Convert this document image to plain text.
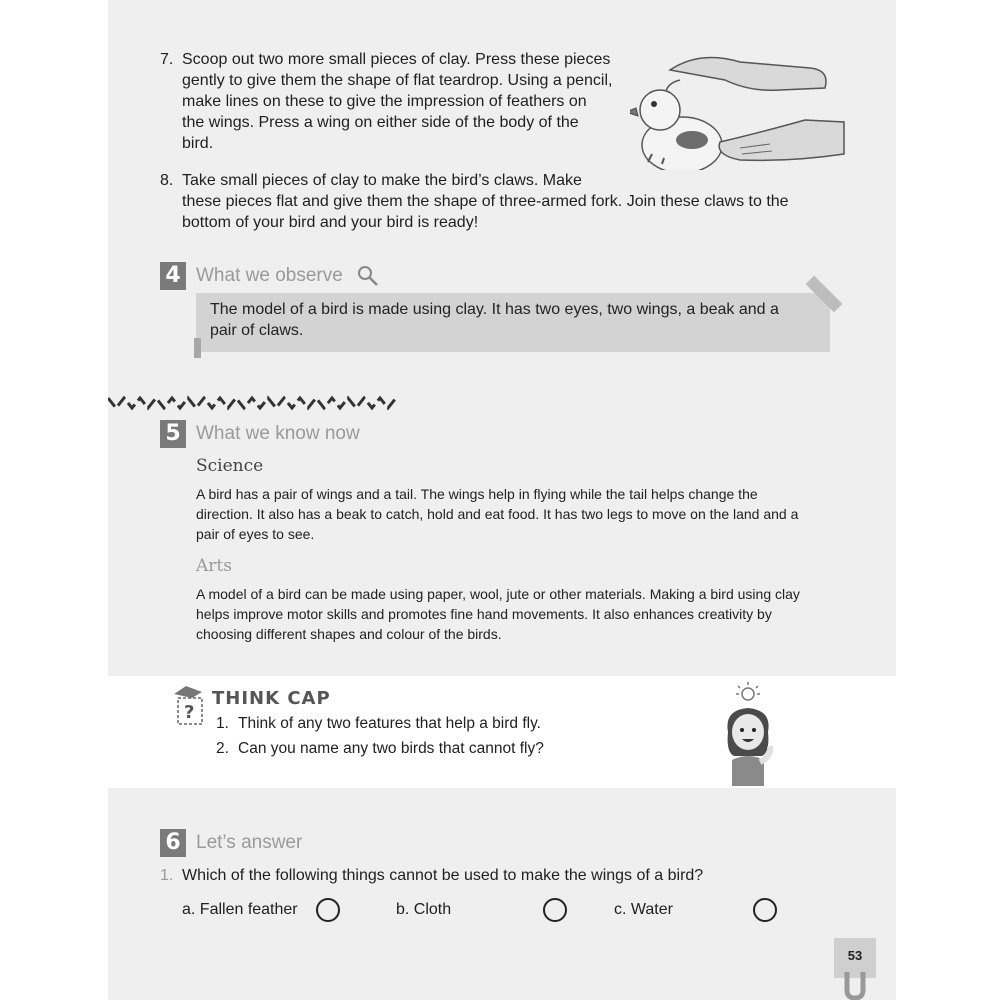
7. Scoop out two more small pieces of clay. Press these pieces
gently to give them the shape of flat teardrop. Using a pencil,
make lines on these to give the impression of feathers on
the wings. Press a wing on either side of the body of the
bird.
8. Take small pieces of clay to make the bird’s claws. Make
these pieces flat and give them the shape of three-armed fork. Join these claws to the
bottom of your bird and your bird is ready!
4 What we observe
The model of a bird is made using clay. It has two eyes, two wings, a beak and a
pair of claws.
5 What we know now
Science
A bird has a pair of wings and a tail. The wings help in flying while the tail helps change the
direction. It also has a beak to catch, hold and eat food. It has two legs to move on the land and a
pair of eyes to see.
Arts
A model of a bird can be made using paper, wool, jute or other materials. Making a bird using clay
helps improve motor skills and promotes fine hand movements. It also enhances creativity by
choosing different shapes and colour of the birds.
?
THINK CAP
1. Think of any two features that help a bird fly.
2. Can you name any two birds that cannot fly?
6 Let’s answer
1. Which of the following things cannot be used to make the wings of a bird?
a. Fallen feather	b. Cloth	c. Water
53
